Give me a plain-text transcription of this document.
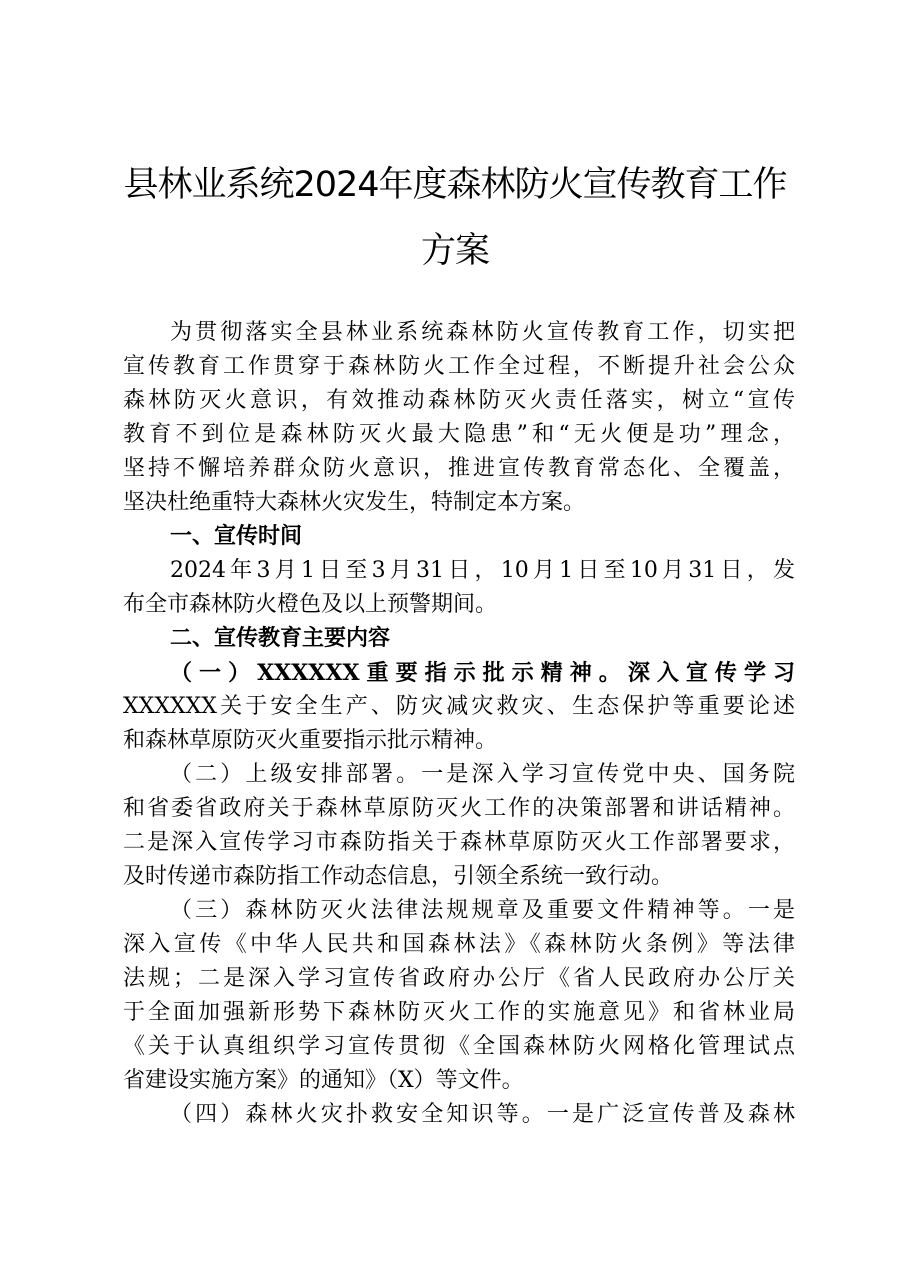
县林业系统2024年度森林防火宣传教育工作
方案
为贯彻落实全县林业系统森林防火宣传教育工作，切实把
宣传教育工作贯穿于森林防火工作全过程，不断提升社会公众
森林防灭火意识，有效推动森林防灭火责任落实，树立“宣传
教育不到位是森林防灭火最大隐患”和“无火便是功”理念，
坚持不懈培养群众防火意识，推进宣传教育常态化、全覆盖，
坚决杜绝重特大森林火灾发生，特制定本方案。
一、宣传时间
2024年3月1日至3月31日，10月1日至10月31日，发
布全市森林防火橙色及以上预警期间。
二、宣传教育主要内容
（一）XXXXXX重要指示批示精神。深入宣传学习
XXXXXX关于安全生产、防灾减灾救灾、生态保护等重要论述
和森林草原防灭火重要指示批示精神。
（二）上级安排部署。一是深入学习宣传党中央、国务院
和省委省政府关于森林草原防灭火工作的决策部署和讲话精神。
二是深入宣传学习市森防指关于森林草原防灭火工作部署要求，
及时传递市森防指工作动态信息，引领全系统一致行动。
（三）森林防灭火法律法规规章及重要文件精神等。一是
深入宣传《中华人民共和国森林法》《森林防火条例》等法律
法规；二是深入学习宣传省政府办公厅《省人民政府办公厅关
于全面加强新形势下森林防灭火工作的实施意见》和省林业局
《关于认真组织学习宣传贯彻《全国森林防火网格化管理试点
省建设实施方案》的通知》（X）等文件。
（四）森林火灾扑救安全知识等。一是广泛宣传普及森林
